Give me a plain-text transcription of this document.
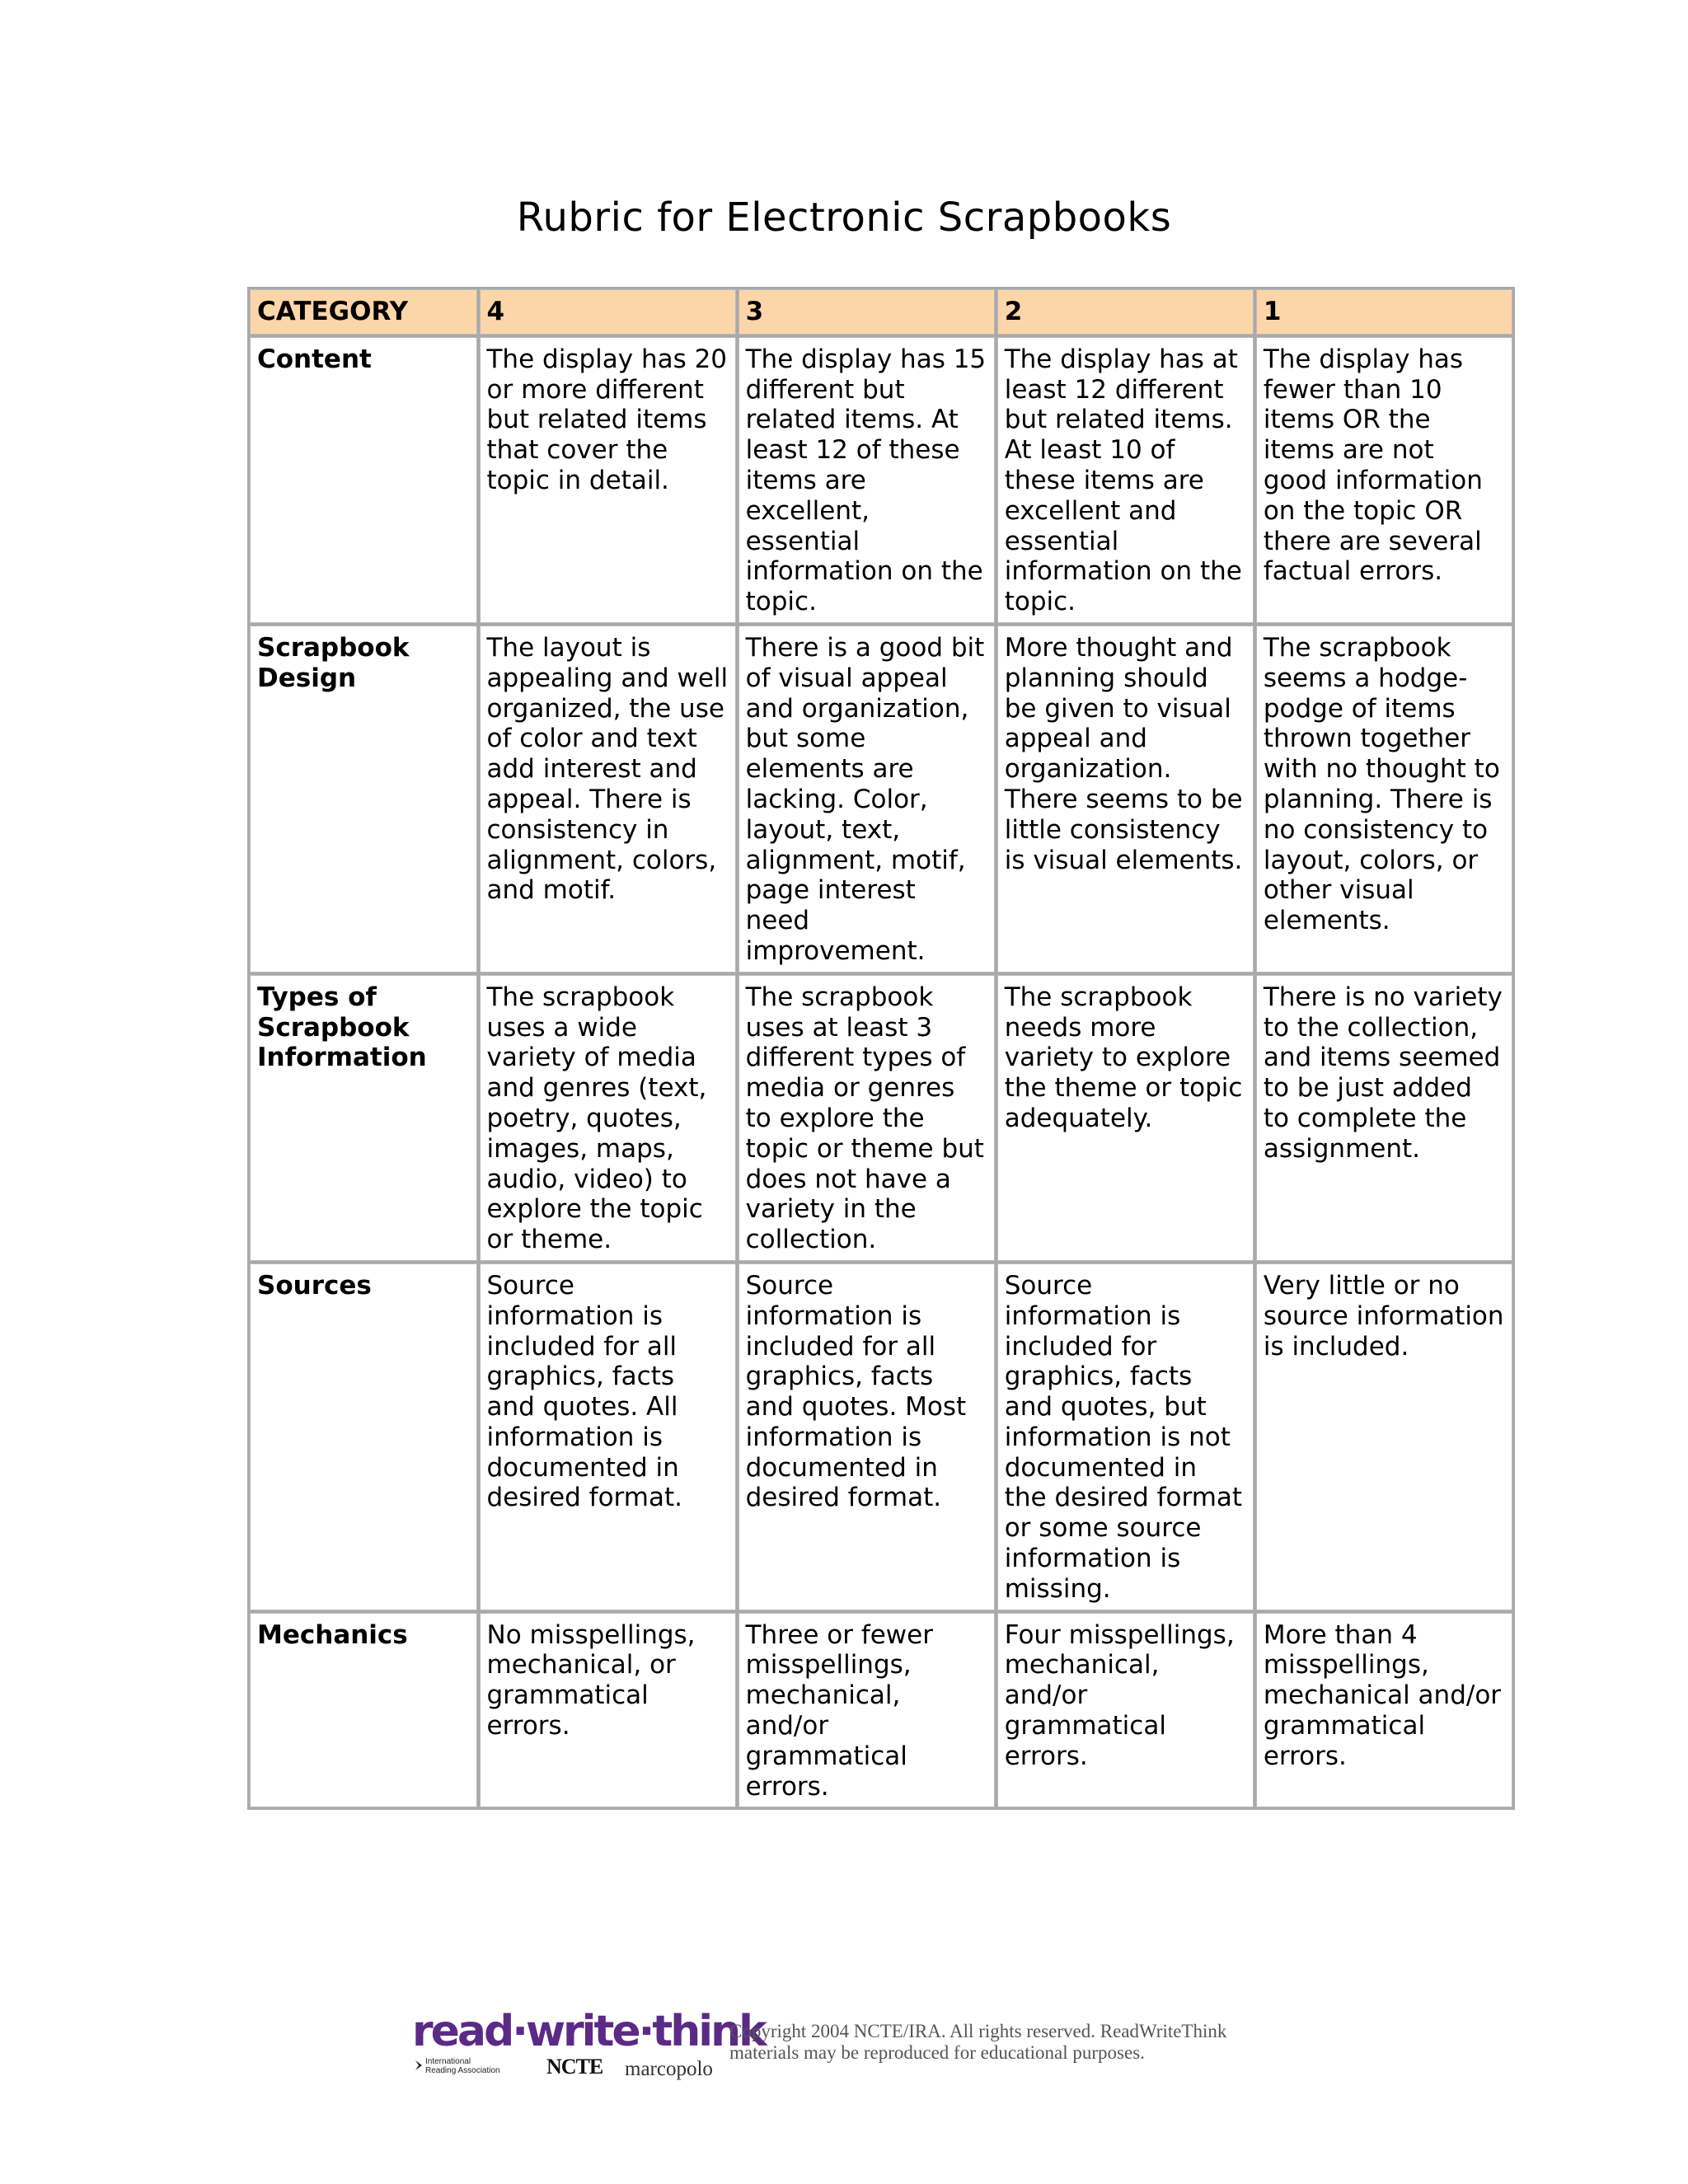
Rubric for Electronic Scrapbooks
CATEGORY	4	3	2	1
Content	The display has 20 or more different but related items that cover the topic in detail.	The display has 15 different but related items. At least 12 of these items are excellent, essential information on the topic.	The display has at least 12 different but related items. At least 10 of these items are excellent and essential information on the topic.	The display has fewer than 10 items OR the items are not good information on the topic OR there are several factual errors.
Scrapbook Design	The layout is appealing and well organized, the use of color and text add interest and appeal. There is consistency in alignment, colors, and motif.	There is a good bit of visual appeal and organization, but some elements are lacking. Color, layout, text, alignment, motif, page interest need improvement.	More thought and planning should be given to visual appeal and organization. There seems to be little consistency is visual elements.	The scrapbook seems a hodge-podge of items thrown together with no thought to planning. There is no consistency to layout, colors, or other visual elements.
Types of Scrapbook Information	The scrapbook uses a wide variety of media and genres (text, poetry, quotes, images, maps, audio, video) to explore the topic or theme.	The scrapbook uses at least 3 different types of media or genres to explore the topic or theme but does not have a variety in the collection.	The scrapbook needs more variety to explore the theme or topic adequately.	There is no variety to the collection, and items seemed to be just added to complete the assignment.
Sources	Source information is included for all graphics, facts and quotes. All information is documented in desired format.	Source information is included for all graphics, facts and quotes. Most information is documented in desired format.	Source information is included for graphics, facts and quotes, but information is not documented in the desired format or some source information is missing.	Very little or no source information is included.
Mechanics	No misspellings, mechanical, or grammatical errors.	Three or fewer misspellings, mechanical, and/or grammatical errors.	Four misspellings, mechanical, and/or grammatical errors.	More than 4 misspellings, mechanical and/or grammatical errors.
read·write·think
International
Reading Association NCTE marcopolo
Copyright 2004 NCTE/IRA. All rights reserved. ReadWriteThink
materials may be reproduced for educational purposes.
